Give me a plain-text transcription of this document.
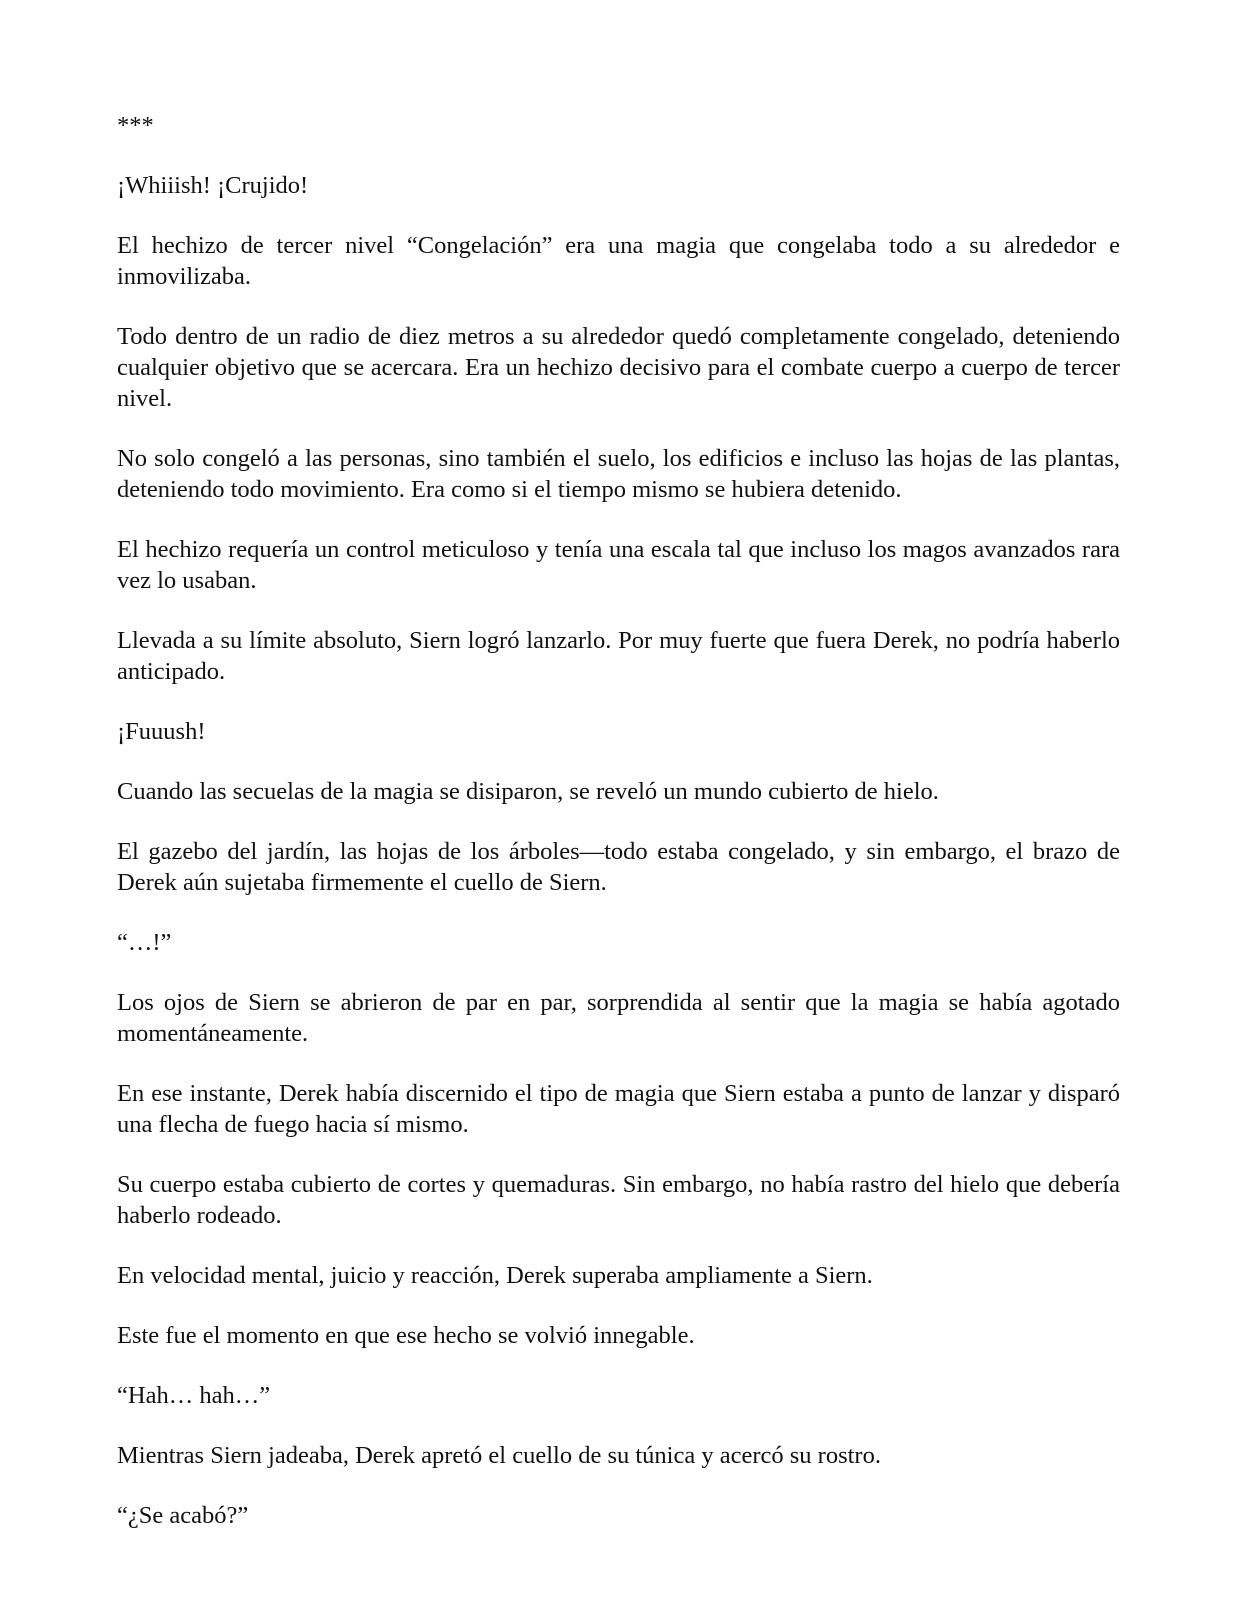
***

¡Whiiish! ¡Crujido!

El hechizo de tercer nivel “Congelación” era una magia que congelaba todo a su alrededor e inmovilizaba.

Todo dentro de un radio de diez metros a su alrededor quedó completamente congelado, deteniendo cualquier objetivo que se acercara. Era un hechizo decisivo para el combate cuerpo a cuerpo de tercer nivel.

No solo congeló a las personas, sino también el suelo, los edificios e incluso las hojas de las plantas, deteniendo todo movimiento. Era como si el tiempo mismo se hubiera detenido.

El hechizo requería un control meticuloso y tenía una escala tal que incluso los magos avanzados rara vez lo usaban.

Llevada a su límite absoluto, Siern logró lanzarlo. Por muy fuerte que fuera Derek, no podría haberlo anticipado.

¡Fuuush!

Cuando las secuelas de la magia se disiparon, se reveló un mundo cubierto de hielo.

El gazebo del jardín, las hojas de los árboles—todo estaba congelado, y sin embargo, el brazo de Derek aún sujetaba firmemente el cuello de Siern.

“…!”

Los ojos de Siern se abrieron de par en par, sorprendida al sentir que la magia se había agotado momentáneamente.

En ese instante, Derek había discernido el tipo de magia que Siern estaba a punto de lanzar y disparó una flecha de fuego hacia sí mismo.

Su cuerpo estaba cubierto de cortes y quemaduras. Sin embargo, no había rastro del hielo que debería haberlo rodeado.

En velocidad mental, juicio y reacción, Derek superaba ampliamente a Siern.

Este fue el momento en que ese hecho se volvió innegable.

“Hah… hah…”

Mientras Siern jadeaba, Derek apretó el cuello de su túnica y acercó su rostro.

“¿Se acabó?”
